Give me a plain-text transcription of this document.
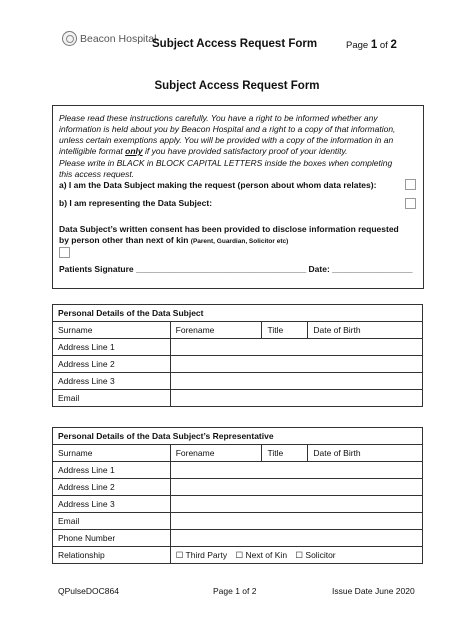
Beacon Hospital
Subject Access Request Form	Page 1 of 2
Subject Access Request Form
Please read these instructions carefully. You have a right to be informed whether any
information is held about you by Beacon Hospital and a right to a copy of that information,
unless certain exemptions apply. You will be provided with a copy of the information in an
intelligible format only if you have provided satisfactory proof of your identity.
Please write in BLACK in BLOCK CAPITAL LETTERS inside the boxes when completing
this access request.
a) I am the Data Subject making the request (person about whom data relates):
b) I am representing the Data Subject:
Data Subject’s written consent has been provided to disclose information requested
by person other than next of kin (Parent, Guardian, Solicitor etc)
Patients Signature ____________________________________ Date: _________________
Personal Details of the Data Subject			
Surname	Forename	Title	Date of Birth
Address Line 1			
Address Line 2			
Address Line 3			
Email			
Personal Details of the Data Subject’s Representative			
Surname	Forename	Title	Date of Birth
Address Line 1			
Address Line 2			
Address Line 3			
Email			
Phone Number			
Relationship	☐ Third Party ☐ Next of Kin ☐ Solicitor		
QPulseDOC864	Page 1 of 2	Issue Date June 2020
